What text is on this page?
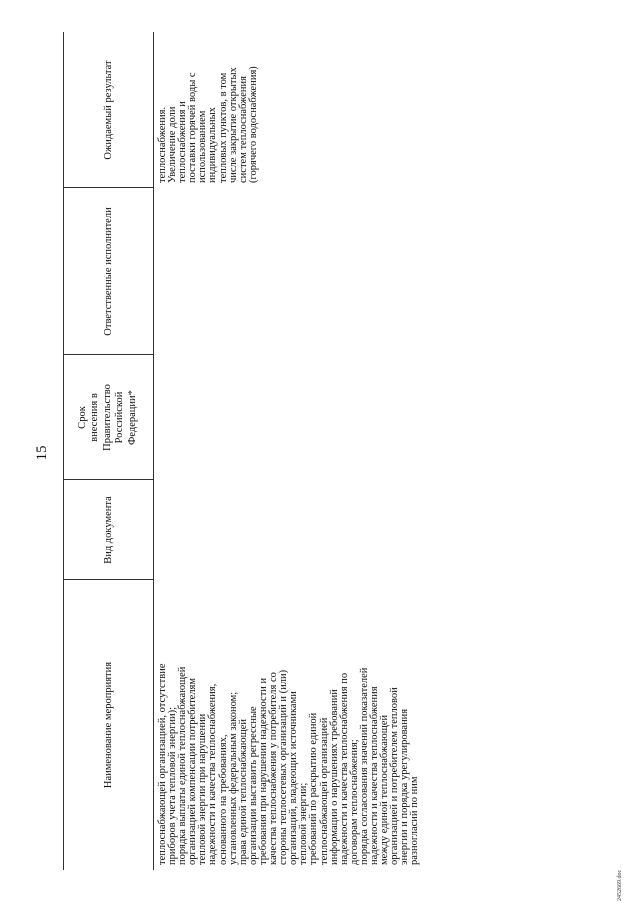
15
Наименование мероприятия
Вид документа
Срок
внесения в
Правительство
Российской
Федерации*
Ответственные исполнители
Ожидаемый результат
теплоснабжающей организацией, отсутствие
приборов учета тепловой энергии);
порядка выплаты единой теплоснабжающей
организацией компенсации потребителям
тепловой энергии при нарушении
надежности и качества теплоснабжения,
основанного на требованиях,
установленных федеральным законом;
права единой теплоснабжающей
организации выставить регрессные
требования при нарушении надежности и
качества теплоснабжения у потребителя со
стороны теплосетевых организаций и (или)
организаций, владеющих источниками
тепловой энергии;
требований по раскрытию единой
теплоснабжающей организацией
информации о нарушениях требований
надежности и качества теплоснабжения по
договорам теплоснабжения;
порядка согласования значений показателей
надежности и качества теплоснабжения
между единой теплоснабжающей
организацией и потребителем тепловой
энергии и порядка урегулирования
разногласий по ним
теплоснабжения.
Увеличение доли
теплоснабжения и
поставки горячей воды с
использованием
индивидуальных
тепловых пунктов, в том
числе закрытие открытых
систем теплоснабжения
(горячего водоснабжения)
2452669.doc
